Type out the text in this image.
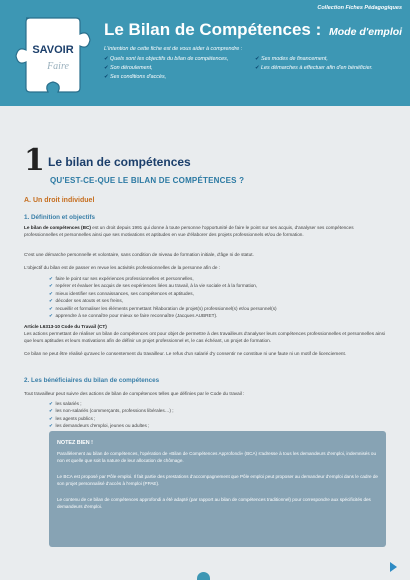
Collection Fiches Pédagogiques
SAVOIR
Faire
Le Bilan de Compétences : Mode d'emploi
L'intention de cette fiche est de vous aider à comprendre :
✔ Quels sont les objectifs du bilan de compétences,
✔ Son déroulement,
✔ Ses conditions d'accès,
✔ Ses modes de financement,
✔ Les démarches à effectuer afin d'en bénéficier.
1 Le bilan de compétences
QU'EST-CE-QUE LE BILAN DE COMPÉTENCES ?
A. Un droit individuel
1. Définition et objectifs
Le bilan de compétences (BC) est un droit depuis 1991 qui donne à toute personne l'opportunité de faire le point sur ses acquis, d'analyser ses compétences professionnelles et personnelles ainsi que ses motivations et aptitudes en vue d'élaborer des projets professionnels et/ou de formation.
C'est une démarche personnelle et volontaire, sans condition de niveau de formation initiale, d'âge ni de statut.
L'objectif du bilan est de passer en revue les activités professionnelles de la personne afin de :
✔  faire le point sur ses expériences professionnelles et personnelles,
✔  repérer et évaluer les acquis de ses expériences liées au travail, à la vie sociale et à la formation,
✔  mieux identifier ses connaissances, ses compétences et aptitudes,
✔  décoder ses atouts et ses freins,
✔  recueillir et formaliser les éléments permettant l'élaboration de projet(s) professionnel(s) et/ou personnel(s)
✔  apprendre à se connaître pour mieux se faire reconnaître (Jacques AUBRET).
Article L6313-10 Code du Travail (CT)
Les actions permettant de réaliser un bilan de compétences ont pour objet de permettre à des travailleurs d'analyser leurs compétences professionnelles et personnelles ainsi que leurs aptitudes et leurs motivations afin de définir un projet professionnel et, le cas échéant, un projet de formation.
Ce bilan ne peut être réalisé qu'avec le consentement du travailleur. Le refus d'un salarié d'y consentir ne constitue ni une faute ni un motif de licenciement.
2. Les bénéficiaires du bilan de compétences
Tout travailleur peut suivre des actions de bilan de compétences telles que définies par le Code du travail :
✔  les salariés ;
✔  les non-salariés (commerçants, professions libérales…) ;
✔  les agents publics ;
✔  les demandeurs d'emploi, jeunes ou adultes ;
✔
NOTEZ BIEN !
Parallèlement au bilan de compétences, l'opération de «Bilan de Compétences Approfondi» (BCA) s'adresse à tous les demandeurs d'emploi, indemnisés ou non et quelle que soit la nature de leur allocation de chômage.
Le BCA est proposé par Pôle emploi. Il fait partie des prestations d'accompagnement que Pôle emploi peut proposer au demandeur d'emploi dans le cadre de son projet personnalisé d'accès à l'emploi (PPAE).
Le contenu de ce bilan de compétences approfondi a été adapté (par rapport au bilan de compétences traditionnel) pour correspondre aux spécificités des demandeurs d'emploi.
